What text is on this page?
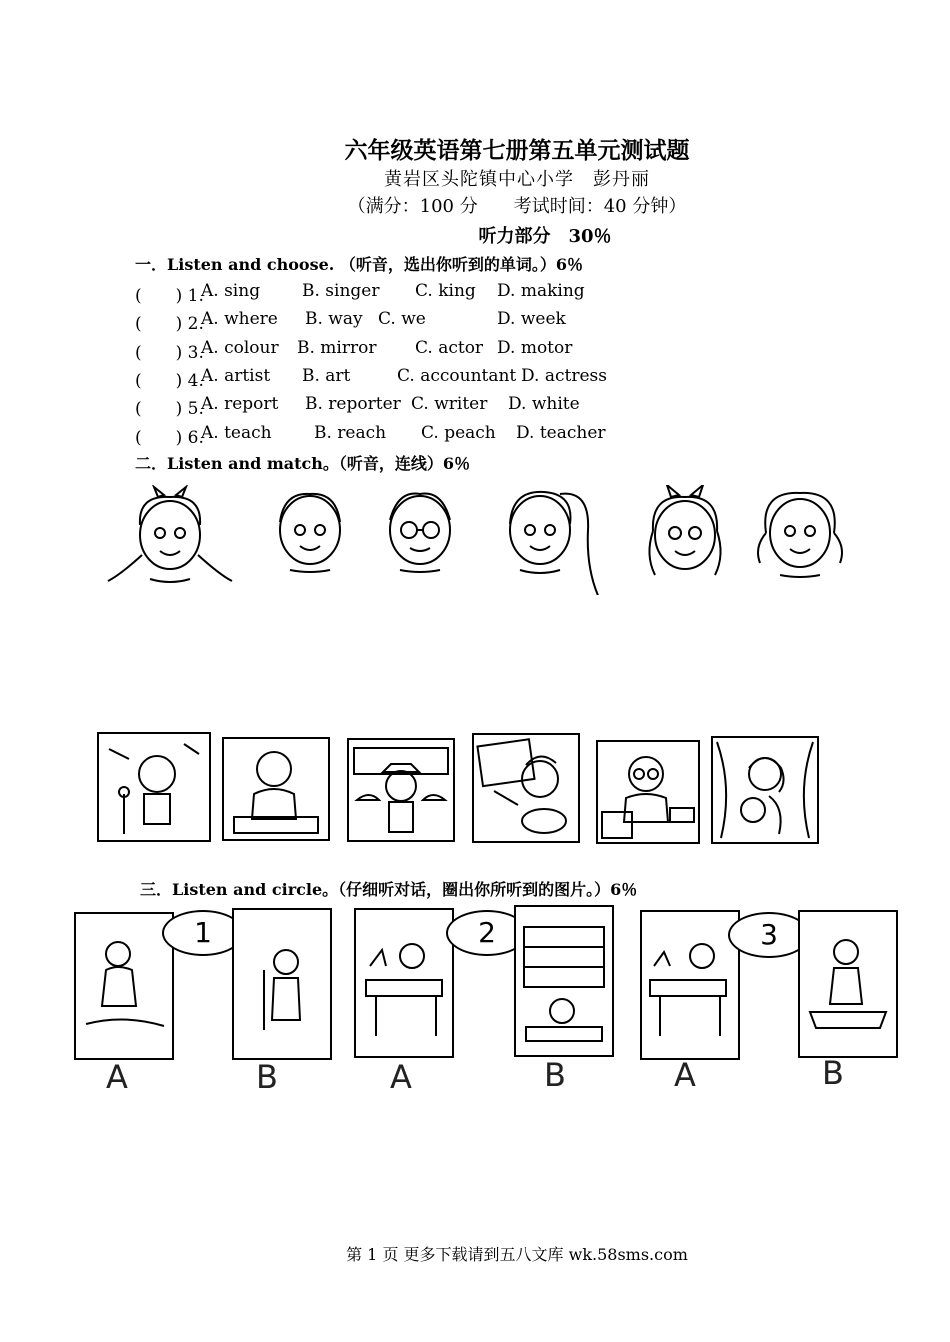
六年级英语第七册第五单元测试题
黄岩区头陀镇中心小学　彭丹丽
（满分：100 分　　考试时间：40 分钟）
听力部分　30％
一．Listen and choose. （听音，选出你听到的单词。）6％
(　　) 1.
A. sing B. singer C. king D. making
(　　) 2.
A. where B. way C. we	D. week
(　　) 3.
A. colour B. mirror C. actor D. motor
(　　) 4.
A. artist B. art	C. accountant D. actress
(　　) 5.
A. report B. reporter C. writer D. white
(　　) 6.
A. teach B. reach C. peach D. teacher
二．Listen and match。（听音，连线）6％
三．Listen and circle。（仔细听对话，圈出你所听到的图片。）6％
1	2	3
A	B	A	B	A	B
第 1 页 更多下载请到五八文库 wk.58sms.com
